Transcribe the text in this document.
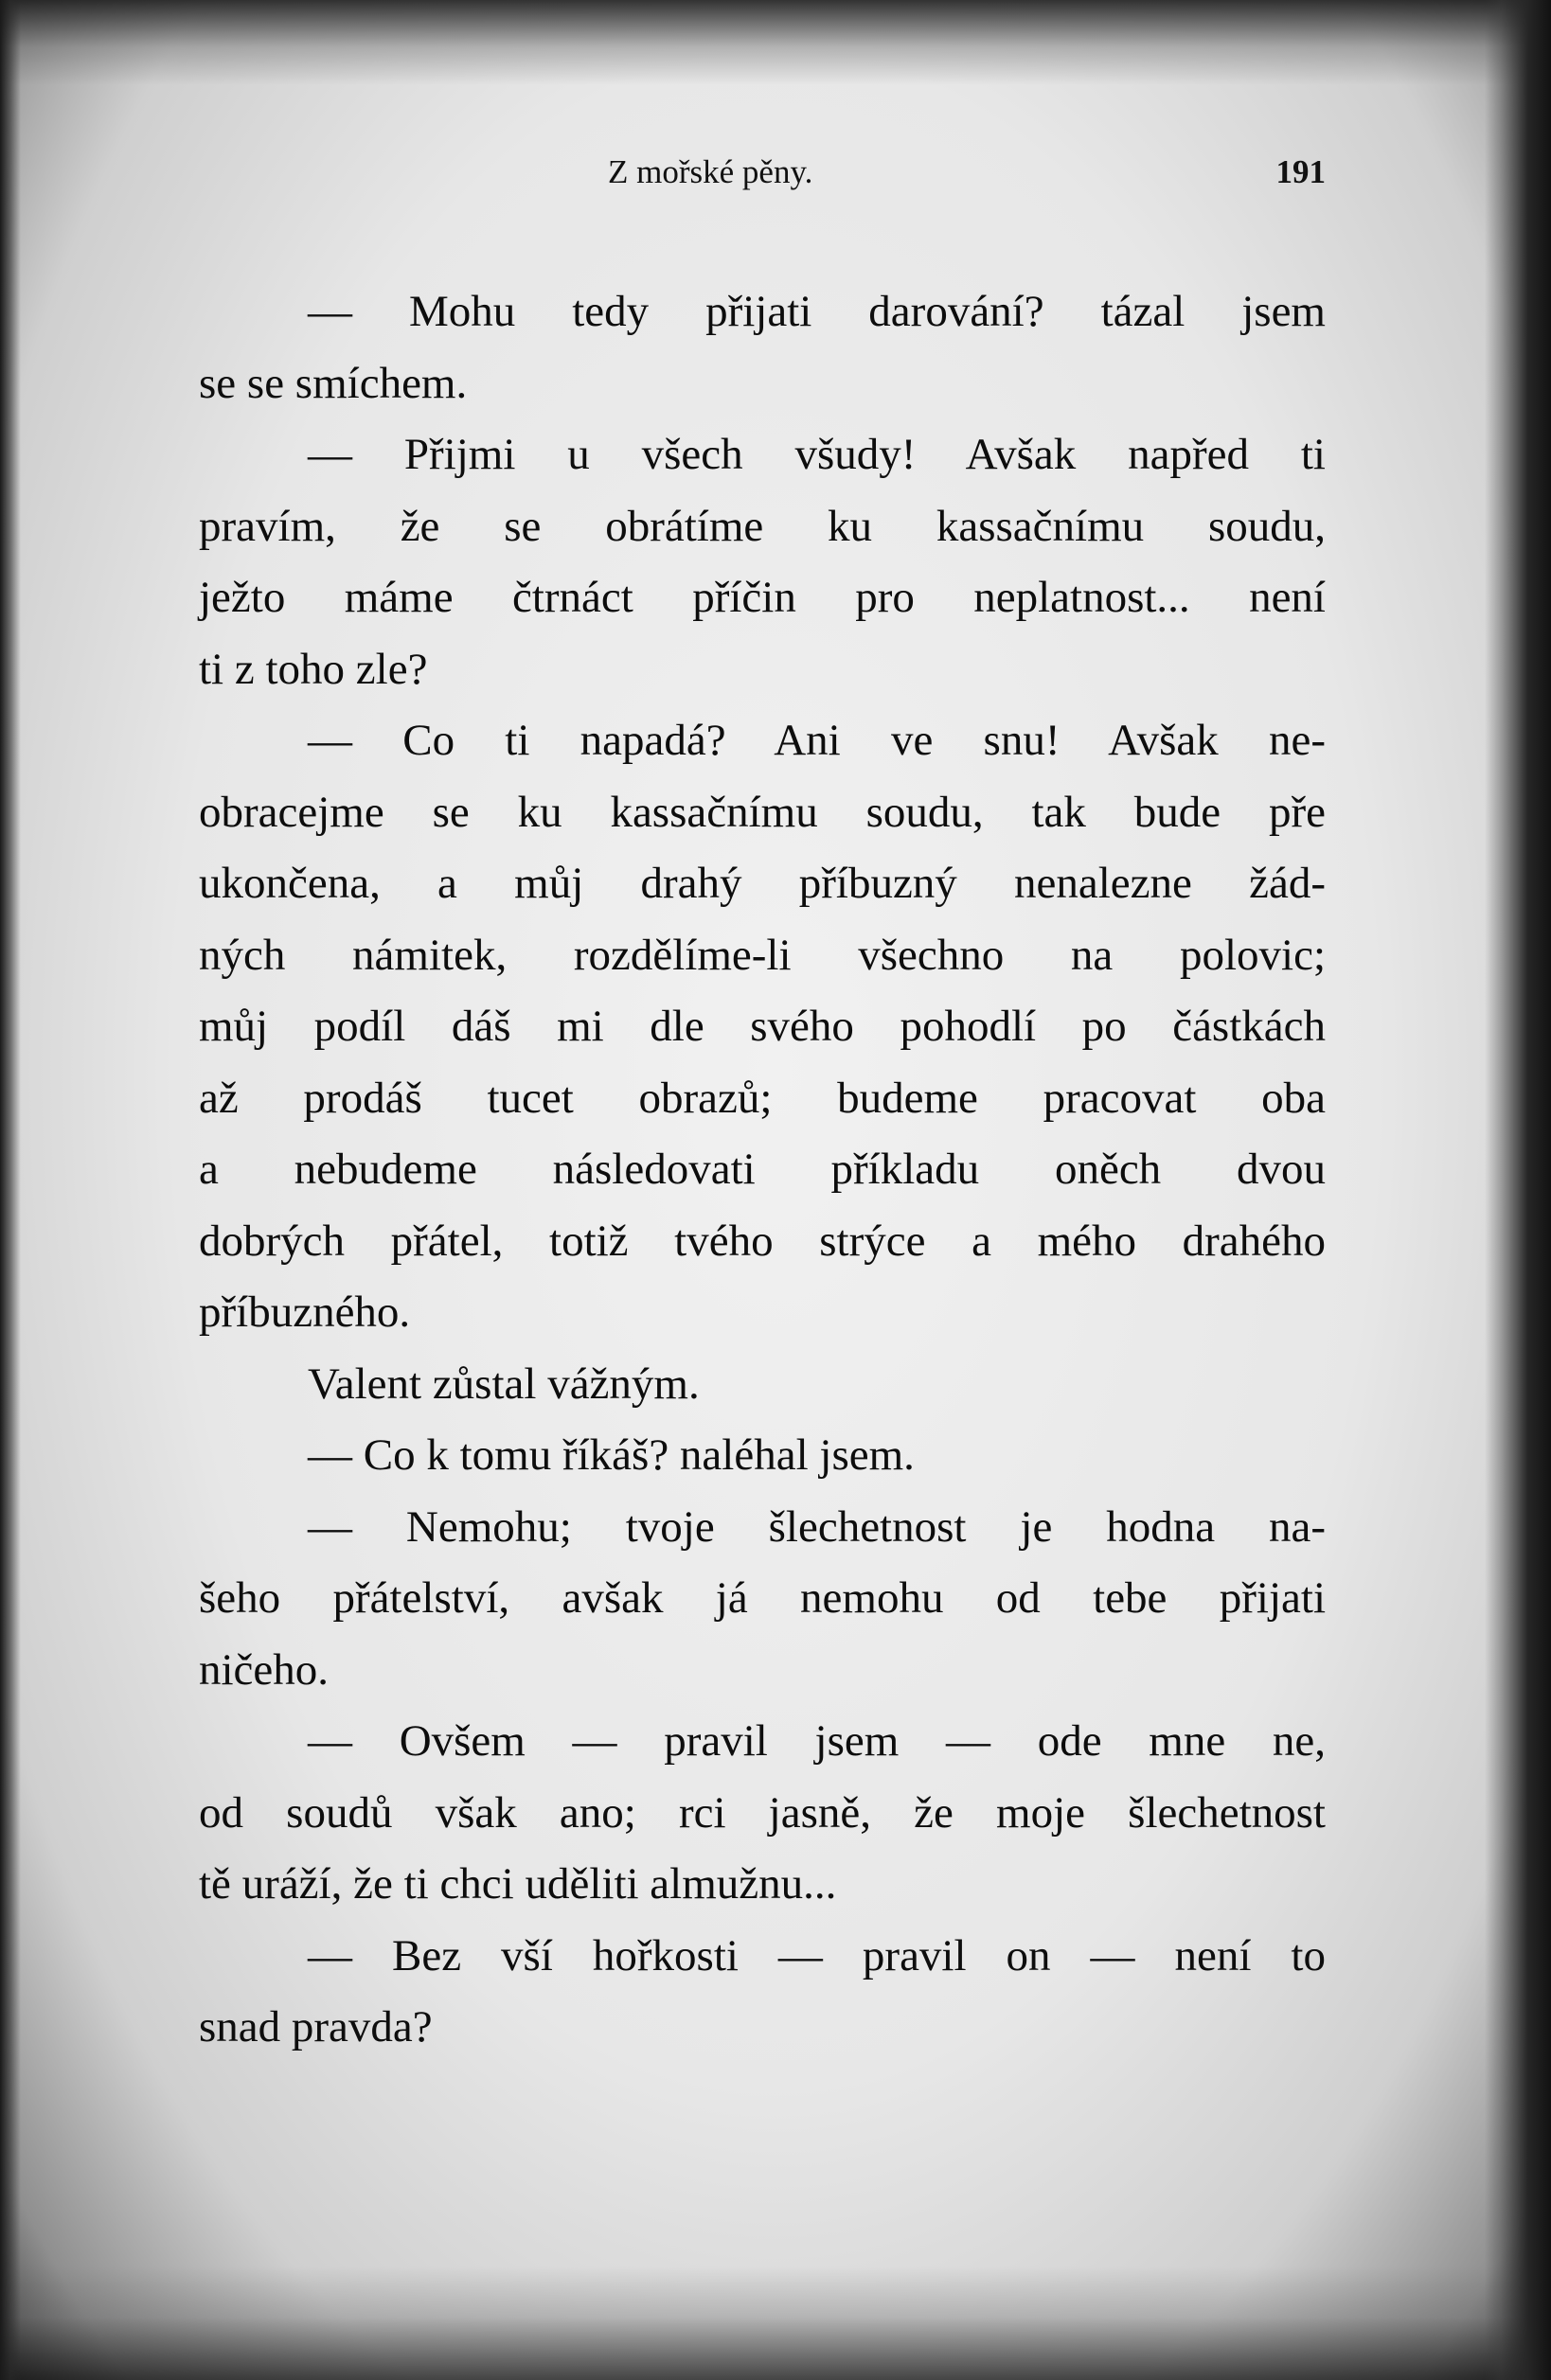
Z mořské pěny.	191
— Mohu tedy přijati darování? tázal jsem
se se smíchem.
— Přijmi u všech všudy! Avšak napřed ti
pravím, že se obrátíme ku kassačnímu soudu,
ježto máme čtrnáct příčin pro neplatnost... není
ti z toho zle?
— Co ti napadá? Ani ve snu! Avšak ne-
obracejme se ku kassačnímu soudu, tak bude pře
ukončena, a můj drahý příbuzný nenalezne žád-
ných námitek, rozdělíme-li všechno na polovic;
můj podíl dáš mi dle svého pohodlí po částkách
až prodáš tucet obrazů; budeme pracovat oba
a nebudeme následovati příkladu oněch dvou
dobrých přátel, totiž tvého strýce a mého drahého
příbuzného.
Valent zůstal vážným.
— Co k tomu říkáš? naléhal jsem.
— Nemohu; tvoje šlechetnost je hodna na-
šeho přátelství, avšak já nemohu od tebe přijati
ničeho.
— Ovšem — pravil jsem — ode mne ne,
od soudů však ano; rci jasně, že moje šlechetnost
tě uráží, že ti chci uděliti almužnu...
— Bez vší hořkosti — pravil on — není to
snad pravda?
